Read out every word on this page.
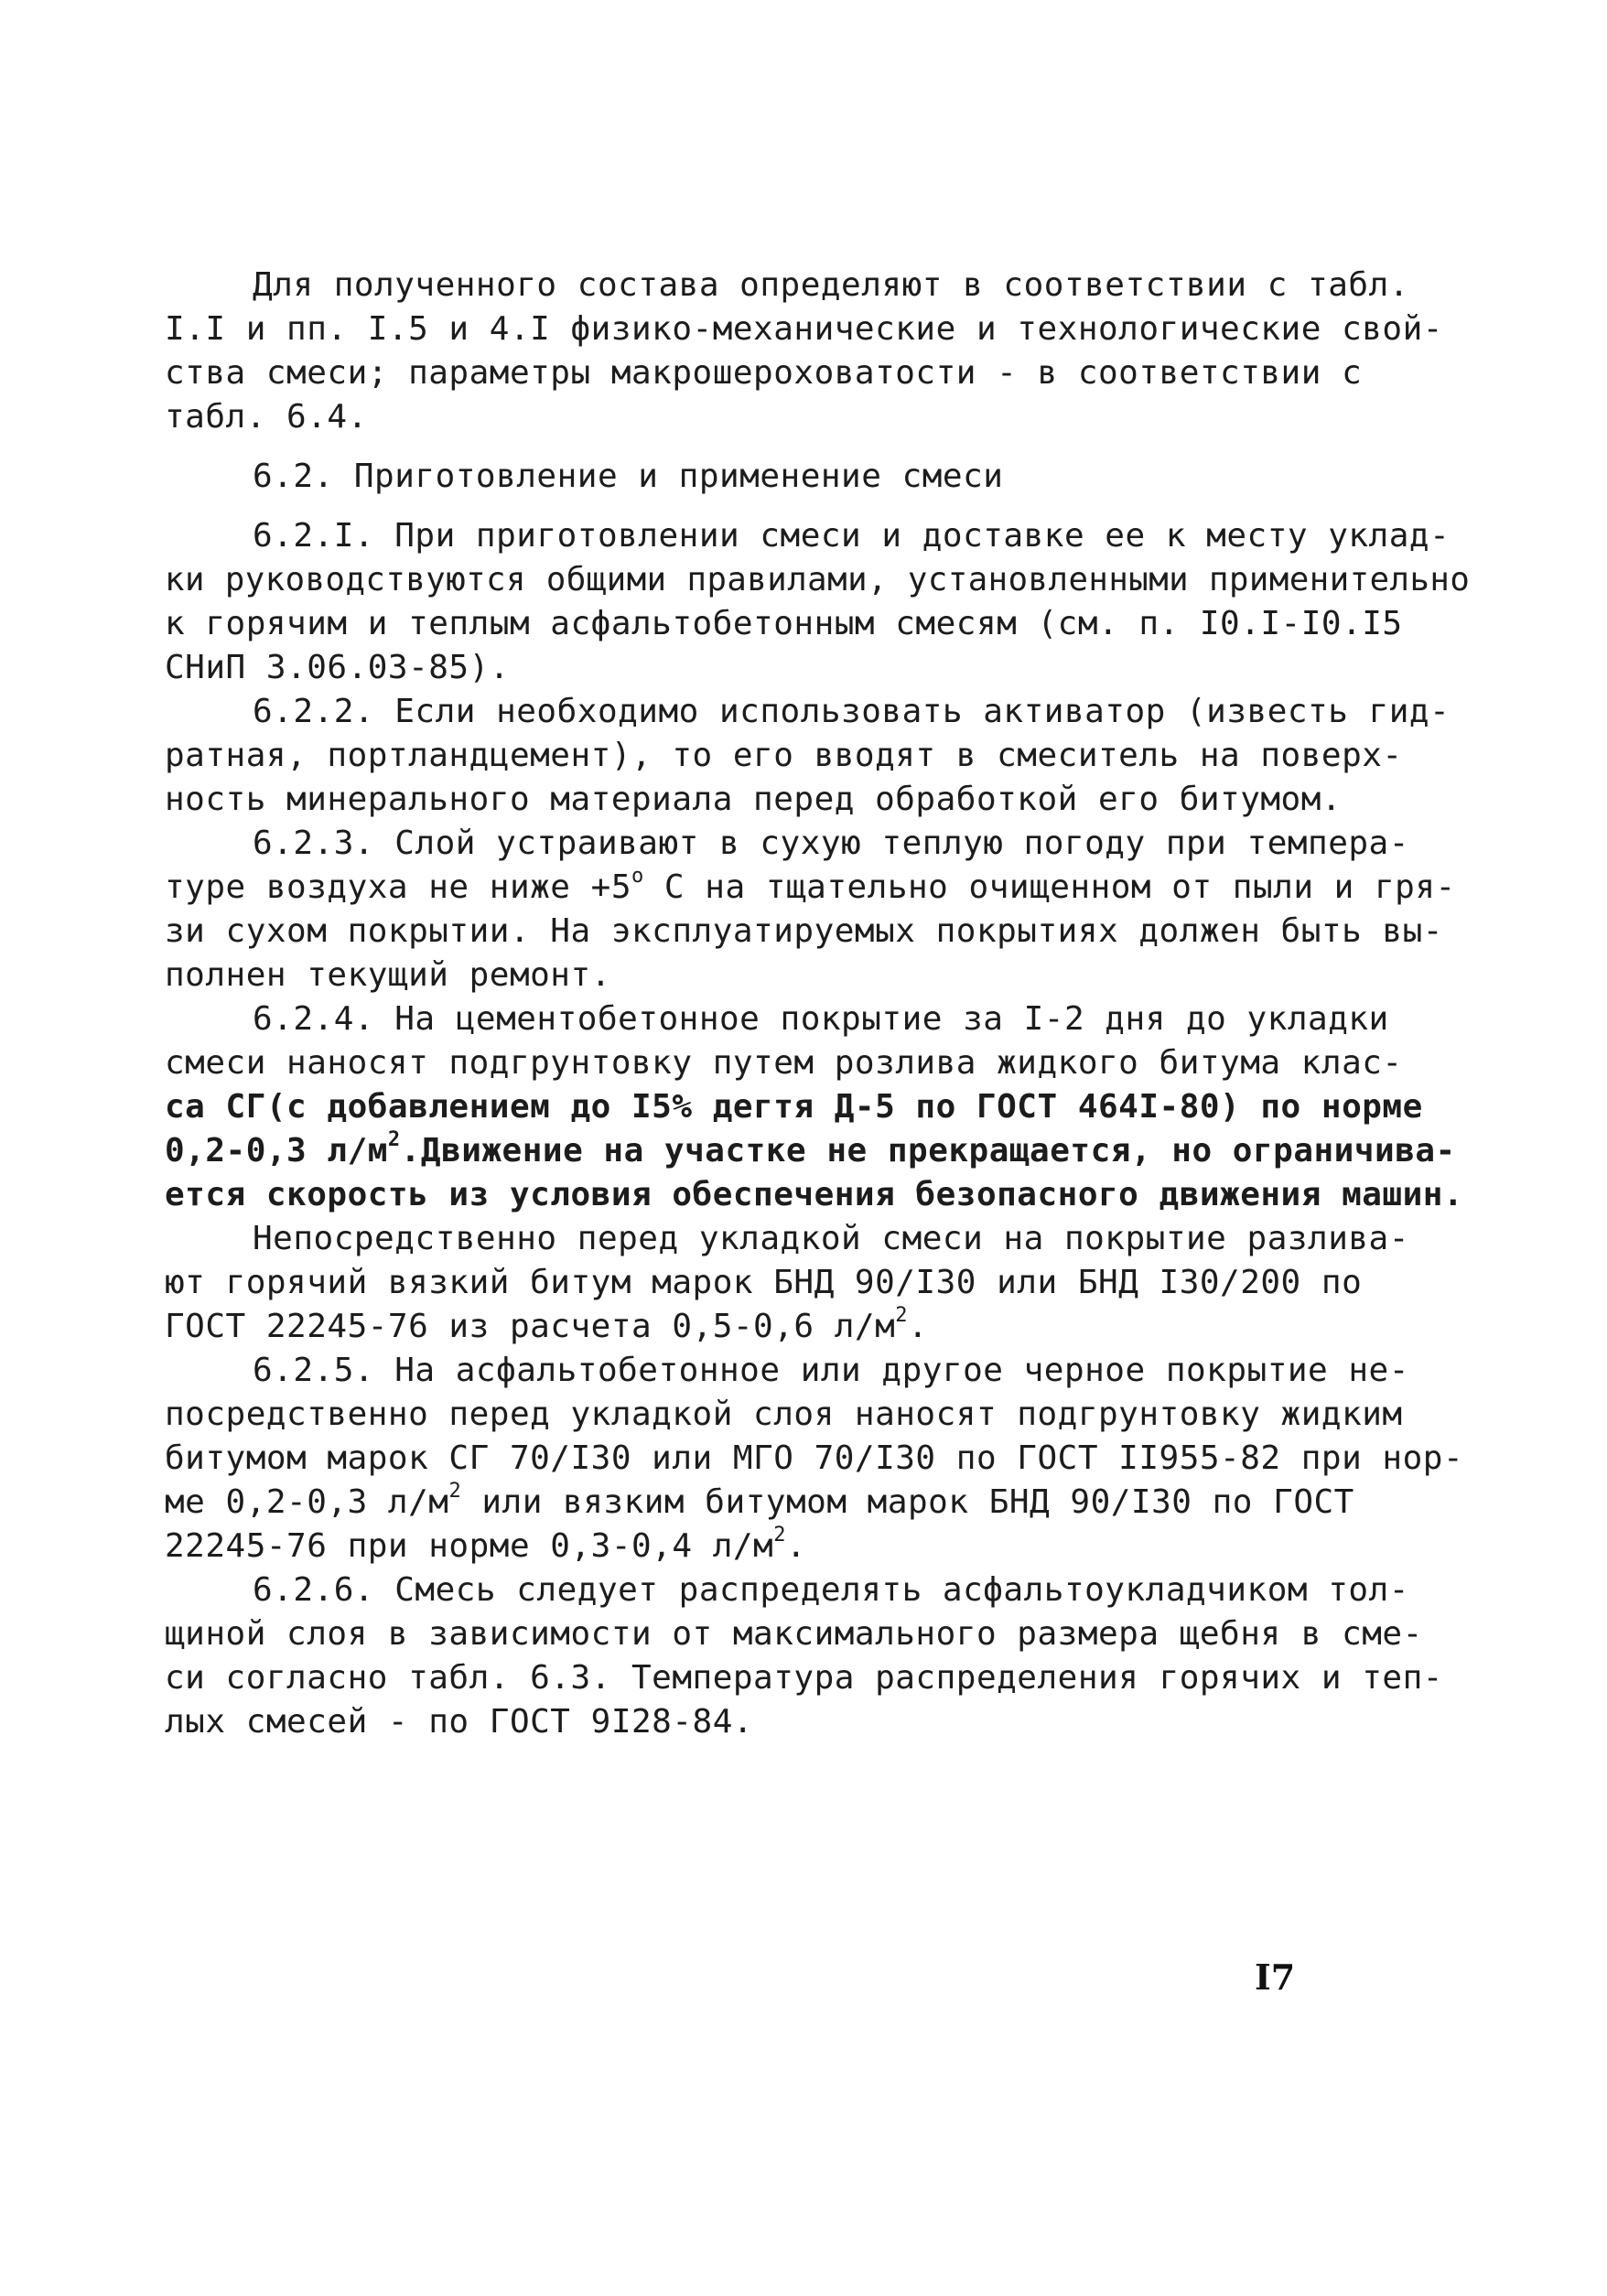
Для полученного состава определяют в соответствии с табл.
I.I и пп. I.5 и 4.I физико-механические и технологические свой-
ства смеси; параметры макрошероховатости - в соответствии с
табл. 6.4.
6.2. Приготовление и применение смеси
6.2.I. При приготовлении смеси и доставке ее к месту уклад-
ки руководствуются общими правилами, установленными применительно
к горячим и теплым асфальтобетонным смесям (см. п. I0.I-I0.I5
СНиП 3.06.03-85).
6.2.2. Если необходимо использовать активатор (известь гид-
ратная, портландцемент), то его вводят в смеситель на поверх-
ность минерального материала перед обработкой его битумом.
6.2.3. Слой устраивают в сухую теплую погоду при темпера-
туре воздуха не ниже $+5^о$ С на тщательно очищенном от пыли и гря-
зи сухом покрытии. На эксплуатируемых покрытиях должен быть вы-
полнен текущий ремонт.
6.2.4. На цементобетонное покрытие за I-2 дня до укладки
смеси наносят подгрунтовку путем розлива жидкого битума клас-
са СГ(с добавлением до I5% дегтя Д-5 по ГОСТ 464I-80) по норме
0,2-0,3 $л/м^2.Движение$ на участке не прекращается, но ограничива-
ется скорость из условия обеспечения безопасного движения машин.
Непосредственно перед укладкой смеси на покрытие разлива-
ют горячий вязкий битум марок БНД 90/I30 или БНД I30/200 по
ГОСТ 22245-76 из расчета 0,5-0,6 $л/м^2$.
6.2.5. На асфальтобетонное или другое черное покрытие не-
посредственно перед укладкой слоя наносят подгрунтовку жидким
битумом марок СГ 70/I30 или МГО 70/I30 по ГОСТ II955-82 при нор-
ме 0,2-0,3 $л/м^2$ или вязким битумом марок БНД 90/I30 по ГОСТ
22245-76 при норме 0,3-0,4 $л/м^2$.
6.2.6. Смесь следует распределять асфальтоукладчиком тол-
щиной слоя в зависимости от максимального размера щебня в сме-
си согласно табл. 6.3. Температура распределения горячих и теп-
лых смесей - по ГОСТ 9I28-84.
I7
